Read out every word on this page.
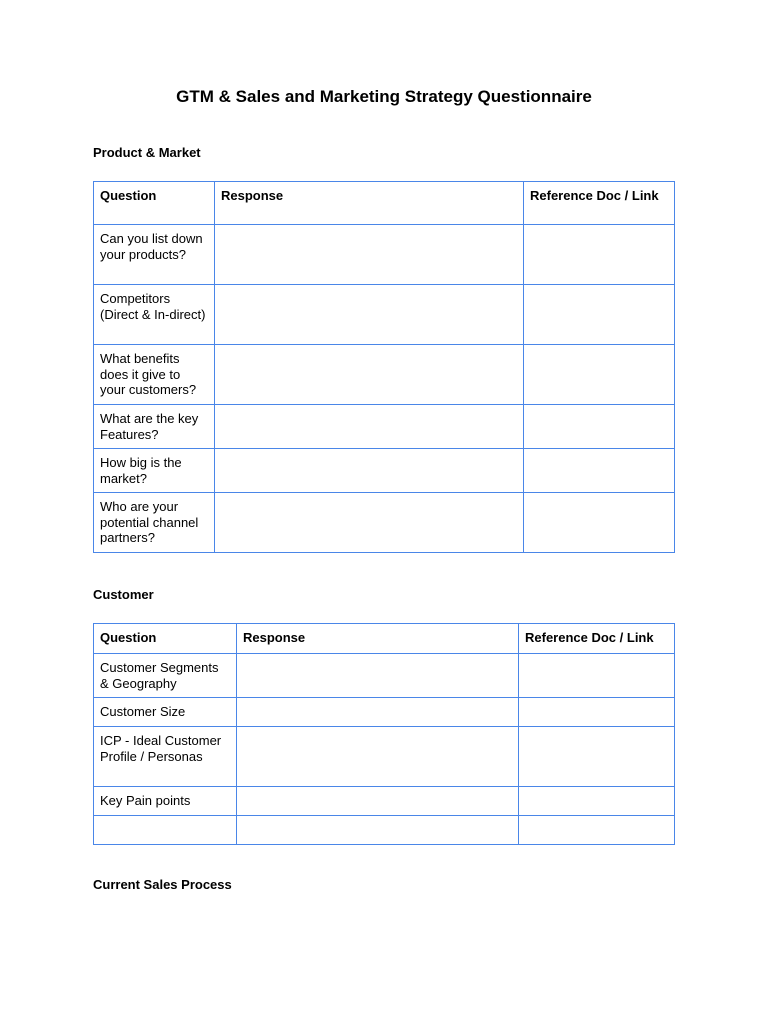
GTM & Sales and Marketing Strategy Questionnaire
Product & Market
Question	Response	Reference Doc / Link
Can you list down your products?		
Competitors (Direct & In-direct)		
What benefits does it give to your customers?		
What are the key Features?		
How big is the market?		
Who are your potential channel partners?		
Customer
Question	Response	Reference Doc / Link
Customer Segments & Geography		
Customer Size		
ICP - Ideal Customer Profile / Personas		
Key Pain points		

Current Sales Process
